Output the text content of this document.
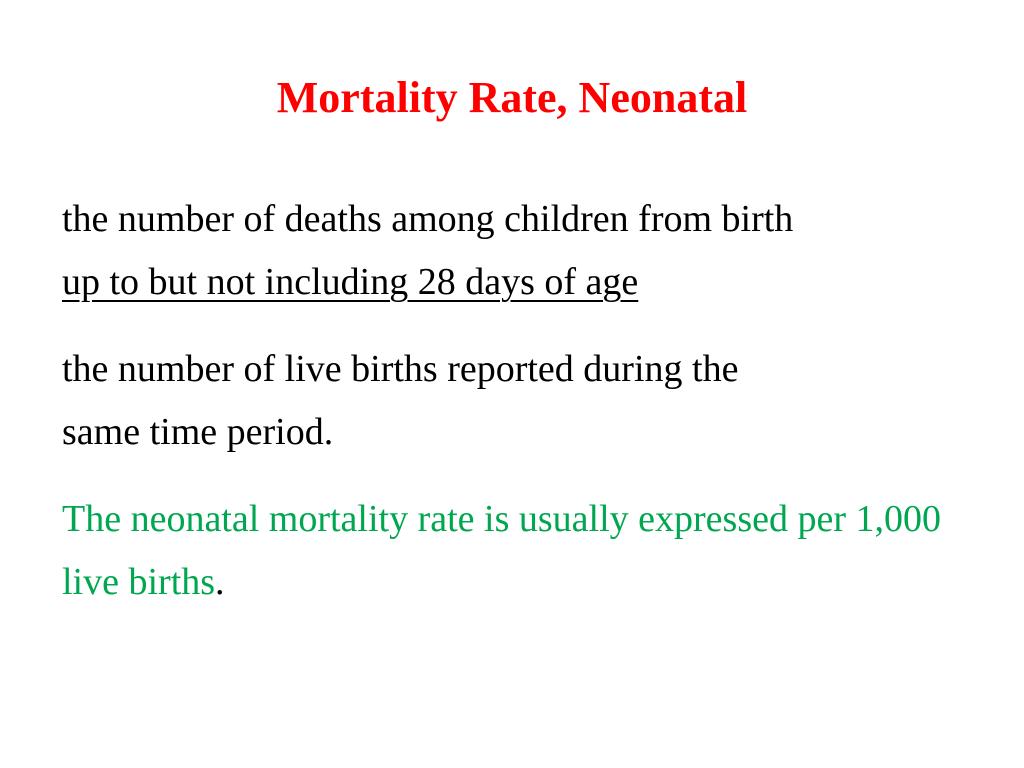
Mortality Rate, Neonatal

the number of deaths among children from birth
up to but not including 28 days of age

the number of live births reported during the
same time period.

The neonatal mortality rate is usually expressed per 1,000 live births.
